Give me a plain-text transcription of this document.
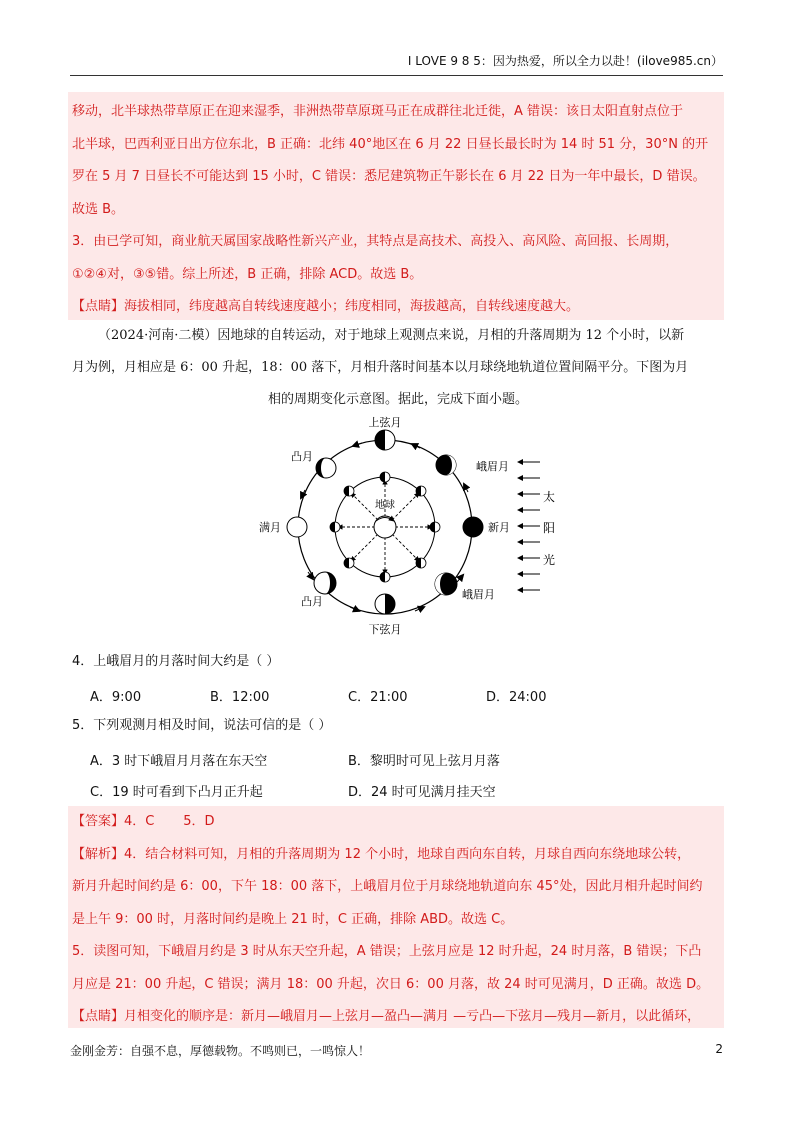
I LOVE 9 8 5：因为热爱，所以全力以赴！(ilove985.cn）
移动，北半球热带草原正在迎来湿季，非洲热带草原斑马正在成群往北迁徙，A 错误：该日太阳直射点位于
北半球，巴西利亚日出方位东北，B 正确：北纬 40°地区在 6 月 22 日昼长最长时为 14 时 51 分，30°N 的开
罗在 5 月 7 日昼长不可能达到 15 小时，C 错误：悉尼建筑物正午影长在 6 月 22 日为一年中最长，D 错误。
故选 B。
3．由已学可知，商业航天属国家战略性新兴产业，其特点是高技术、高投入、高风险、高回报、长周期，
①②④对，③⑤错。综上所述，B 正确，排除 ACD。故选 B。
【点睛】海拔相同，纬度越高自转线速度越小；纬度相同，海拔越高，自转线速度越大。
（2024·河南·二模）因地球的自转运动，对于地球上观测点来说，月相的升落周期为 12 个小时，以新
月为例，月相应是 6：00 升起，18：00 落下，月相升落时间基本以月球绕地轨道位置间隔平分。下图为月
相的周期变化示意图。据此，完成下面小题。
地球
上弦月
凸月
峨眉月
满月	新月
凸月
峨眉月
下弦月
太
阳
光
4．上峨眉月的月落时间大约是（ ）
A．9:00	B．12:00	C．21:00	D．24:00
5．下列观测月相及时间，说法可信的是（ ）
A．3 时下峨眉月月落在东天空	B．黎明时可见上弦月月落
C．19 时可看到下凸月正升起	D．24 时可见满月挂天空
【答案】4．C       5．D
【解析】4．结合材料可知，月相的升落周期为 12 个小时，地球自西向东自转，月球自西向东绕地球公转，
新月升起时间约是 6：00，下午 18：00 落下，上峨眉月位于月球绕地轨道向东 45°处，因此月相升起时间约
是上午 9：00 时，月落时间约是晚上 21 时，C 正确，排除 ABD。故选 C。
5．读图可知，下峨眉月约是 3 时从东天空升起，A 错误；上弦月应是 12 时升起，24 时月落，B 错误；下凸
月应是 21：00 升起，C 错误；满月 18：00 升起，次日 6：00 月落，故 24 时可见满月，D 正确。故选 D。
【点睛】月相变化的顺序是：新月—峨眉月—上弦月—盈凸—满月 —亏凸—下弦月—残月—新月，以此循环，
金刚金芳：自强不息，厚德载物。不鸣则已，一鸣惊人！	2
